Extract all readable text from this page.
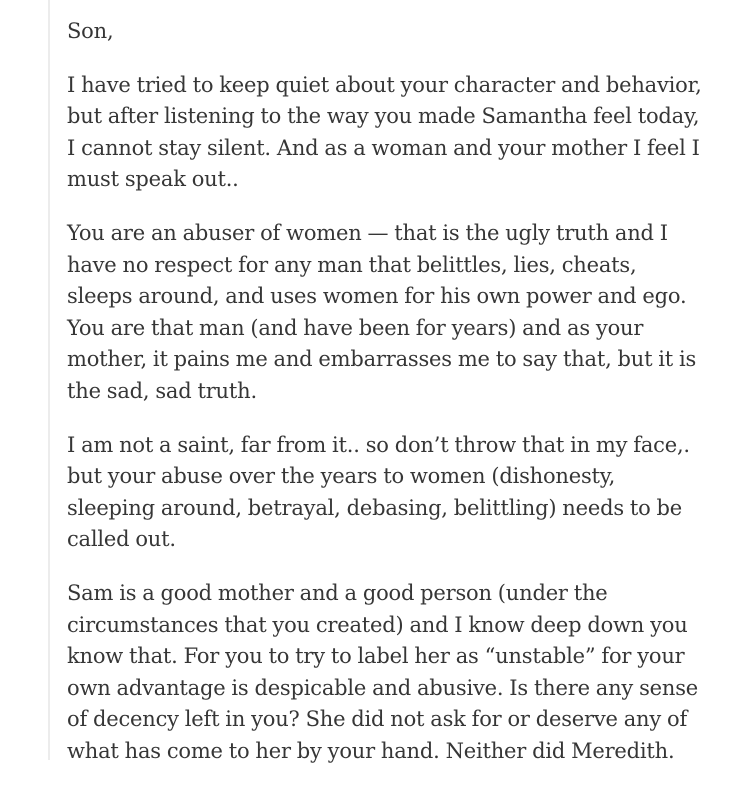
Son,

I have tried to keep quiet about your character and behavior, but after listening to the way you made Samantha feel today, I cannot stay silent. And as a woman and your mother I feel I must speak out..

You are an abuser of women — that is the ugly truth and I have no respect for any man that belittles, lies, cheats, sleeps around, and uses women for his own power and ego. You are that man (and have been for years) and as your mother, it pains me and embarrasses me to say that, but it is the sad, sad truth.

I am not a saint, far from it.. so don’t throw that in my face,. but your abuse over the years to women (dishonesty, sleeping around, betrayal, debasing, belittling) needs to be called out.

Sam is a good mother and a good person (under the circumstances that you created) and I know deep down you know that. For you to try to label her as “unstable” for your own advantage is despicable and abusive. Is there any sense of decency left in you? She did not ask for or deserve any of what has come to her by your hand. Neither did Meredith.
